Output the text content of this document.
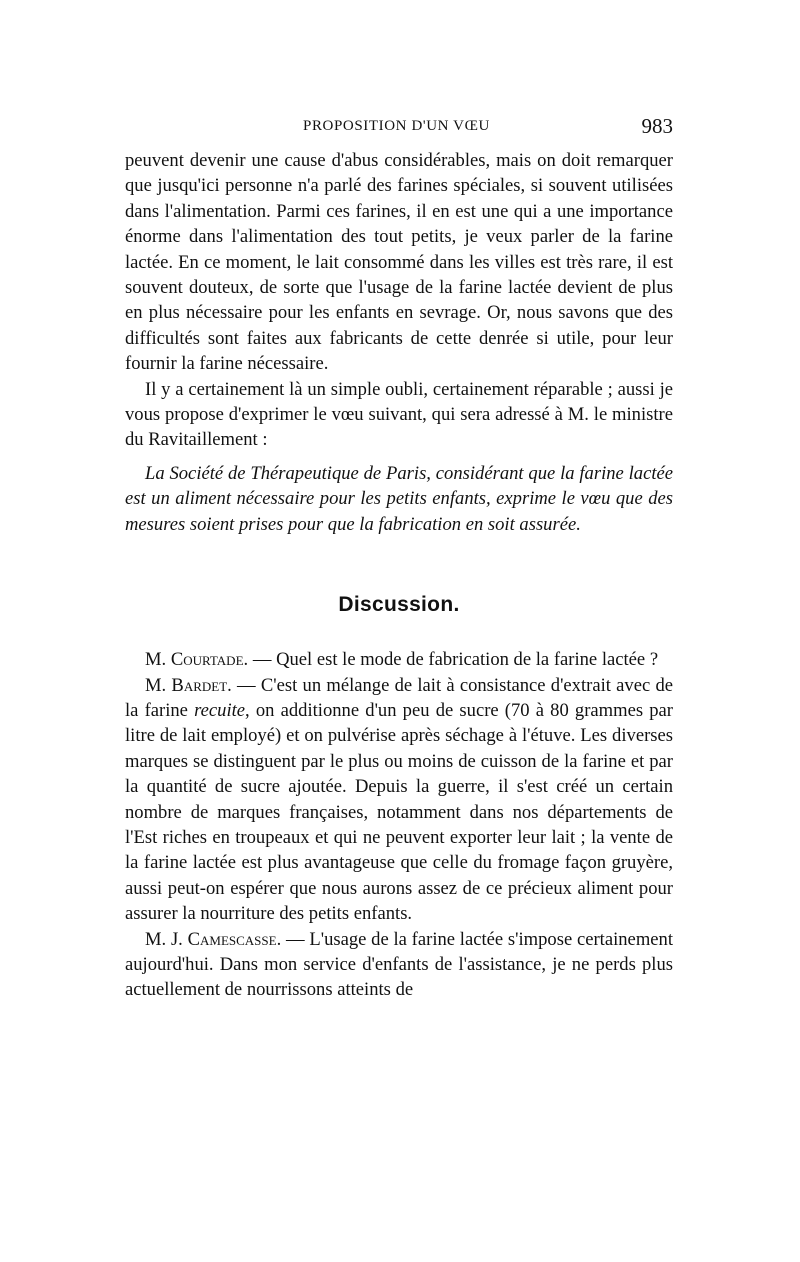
PROPOSITION D'UN VŒU	983

peuvent devenir une cause d'abus considérables, mais on doit remarquer que jusqu'ici personne n'a parlé des farines spéciales, si souvent utilisées dans l'alimentation. Parmi ces farines, il en est une qui a une importance énorme dans l'alimentation des tout petits, je veux parler de la farine lactée. En ce moment, le lait consommé dans les villes est très rare, il est souvent douteux, de sorte que l'usage de la farine lactée devient de plus en plus nécessaire pour les enfants en sevrage. Or, nous savons que des difficultés sont faites aux fabricants de cette denrée si utile, pour leur fournir la farine nécessaire.

Il y a certainement là un simple oubli, certainement réparable ; aussi je vous propose d'exprimer le vœu suivant, qui sera adressé à M. le ministre du Ravitaillement :

La Société de Thérapeutique de Paris, considérant que la farine lactée est un aliment nécessaire pour les petits enfants, exprime le vœu que des mesures soient prises pour que la fabrication en soit assurée.

Discussion.

M. Courtade. — Quel est le mode de fabrication de la farine lactée ?

M. Bardet. — C'est un mélange de lait à consistance d'extrait avec de la farine recuite, on additionne d'un peu de sucre (70 à 80 grammes par litre de lait employé) et on pulvérise après séchage à l'étuve. Les diverses marques se distinguent par le plus ou moins de cuisson de la farine et par la quantité de sucre ajoutée. Depuis la guerre, il s'est créé un certain nombre de marques françaises, notamment dans nos départements de l'Est riches en troupeaux et qui ne peuvent exporter leur lait ; la vente de la farine lactée est plus avantageuse que celle du fromage façon gruyère, aussi peut-on espérer que nous aurons assez de ce précieux aliment pour assurer la nourriture des petits enfants.

M. J. Camescasse. — L'usage de la farine lactée s'impose certainement aujourd'hui. Dans mon service d'enfants de l'assistance, je ne perds plus actuellement de nourrissons atteints de
